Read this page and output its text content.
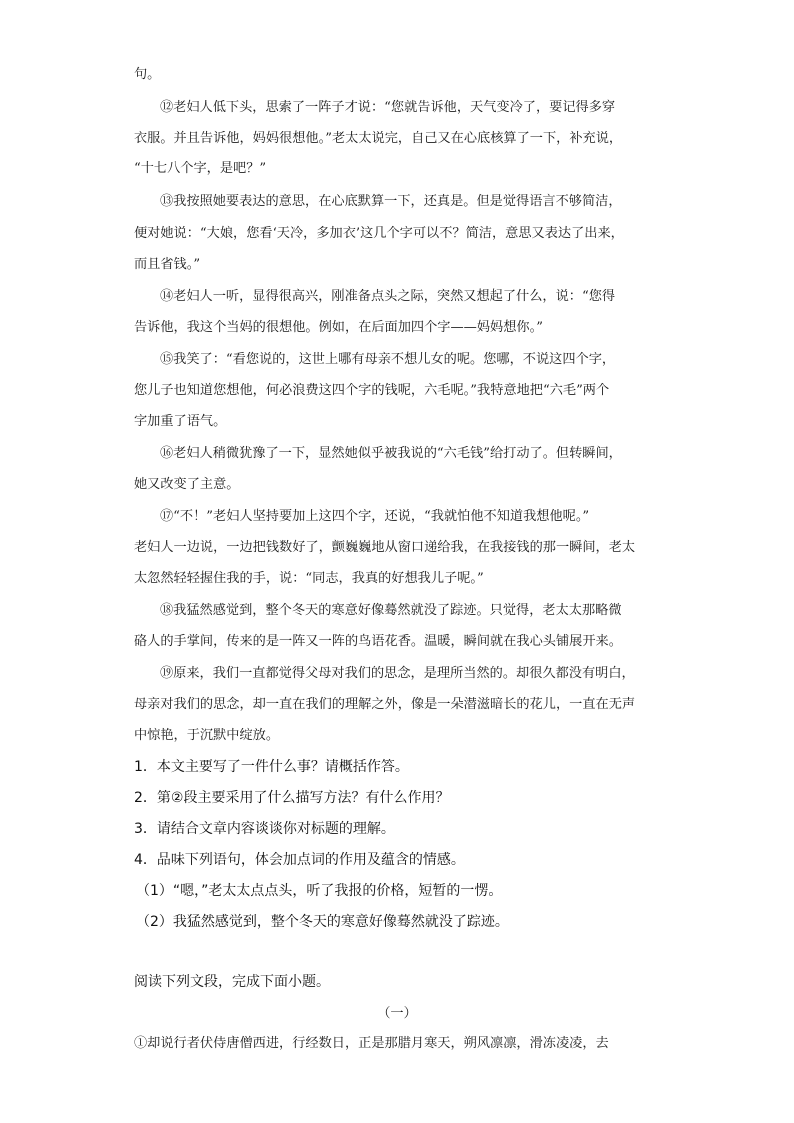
句。
⑫老妇人低下头，思索了一阵子才说：“您就告诉他，天气变冷了，要记得多穿
衣服。并且告诉他，妈妈很想他。”老太太说完，自己又在心底核算了一下，补充说，
“十七八个字，是吧？”
⑬我按照她要表达的意思，在心底默算一下，还真是。但是觉得语言不够简洁，
便对她说：“大娘，您看‘天冷，多加衣’这几个字可以不？简洁，意思又表达了出来，
而且省钱。”
⑭老妇人一听，显得很高兴，刚准备点头之际，突然又想起了什么，说：“您得
告诉他，我这个当妈的很想他。例如，在后面加四个字——妈妈想你。”
⑮我笑了：“看您说的，这世上哪有母亲不想儿女的呢。您哪，不说这四个字，
您儿子也知道您想他，何必浪费这四个字的钱呢，六毛呢。”我特意地把“六毛”两个
字加重了语气。
⑯老妇人稍微犹豫了一下，显然她似乎被我说的“六毛钱”给打动了。但转瞬间，
她又改变了主意。
⑰“不！”老妇人坚持要加上这四个字，还说，“我就怕他不知道我想他呢。”
老妇人一边说，一边把钱数好了，颤巍巍地从窗口递给我，在我接钱的那一瞬间，老太
太忽然轻轻握住我的手，说：“同志，我真的好想我儿子呢。”
⑱我猛然感觉到，整个冬天的寒意好像蓦然就没了踪迹。只觉得，老太太那略微
硌人的手掌间，传来的是一阵又一阵的鸟语花香。温暖，瞬间就在我心头铺展开来。
⑲原来，我们一直都觉得父母对我们的思念，是理所当然的。却很久都没有明白，
母亲对我们的思念，却一直在我们的理解之外，像是一朵潜滋暗长的花儿，一直在无声
中惊艳，于沉默中绽放。
1．本文主要写了一件什么事？请概括作答。
2．第②段主要采用了什么描写方法？有什么作用？
3．请结合文章内容谈谈你对标题的理解。
4．品味下列语句，体会加点词的作用及蕴含的情感。
（1）“嗯，”老太太点点头，听了我报的价格，短暂的一愣。
（2）我猛然感觉到，整个冬天的寒意好像蓦然就没了踪迹。
阅读下列文段，完成下面小题。
（一）
①却说行者伏侍唐僧西进，行经数日，正是那腊月寒天，朔风凛凛，滑冻凌凌，去
